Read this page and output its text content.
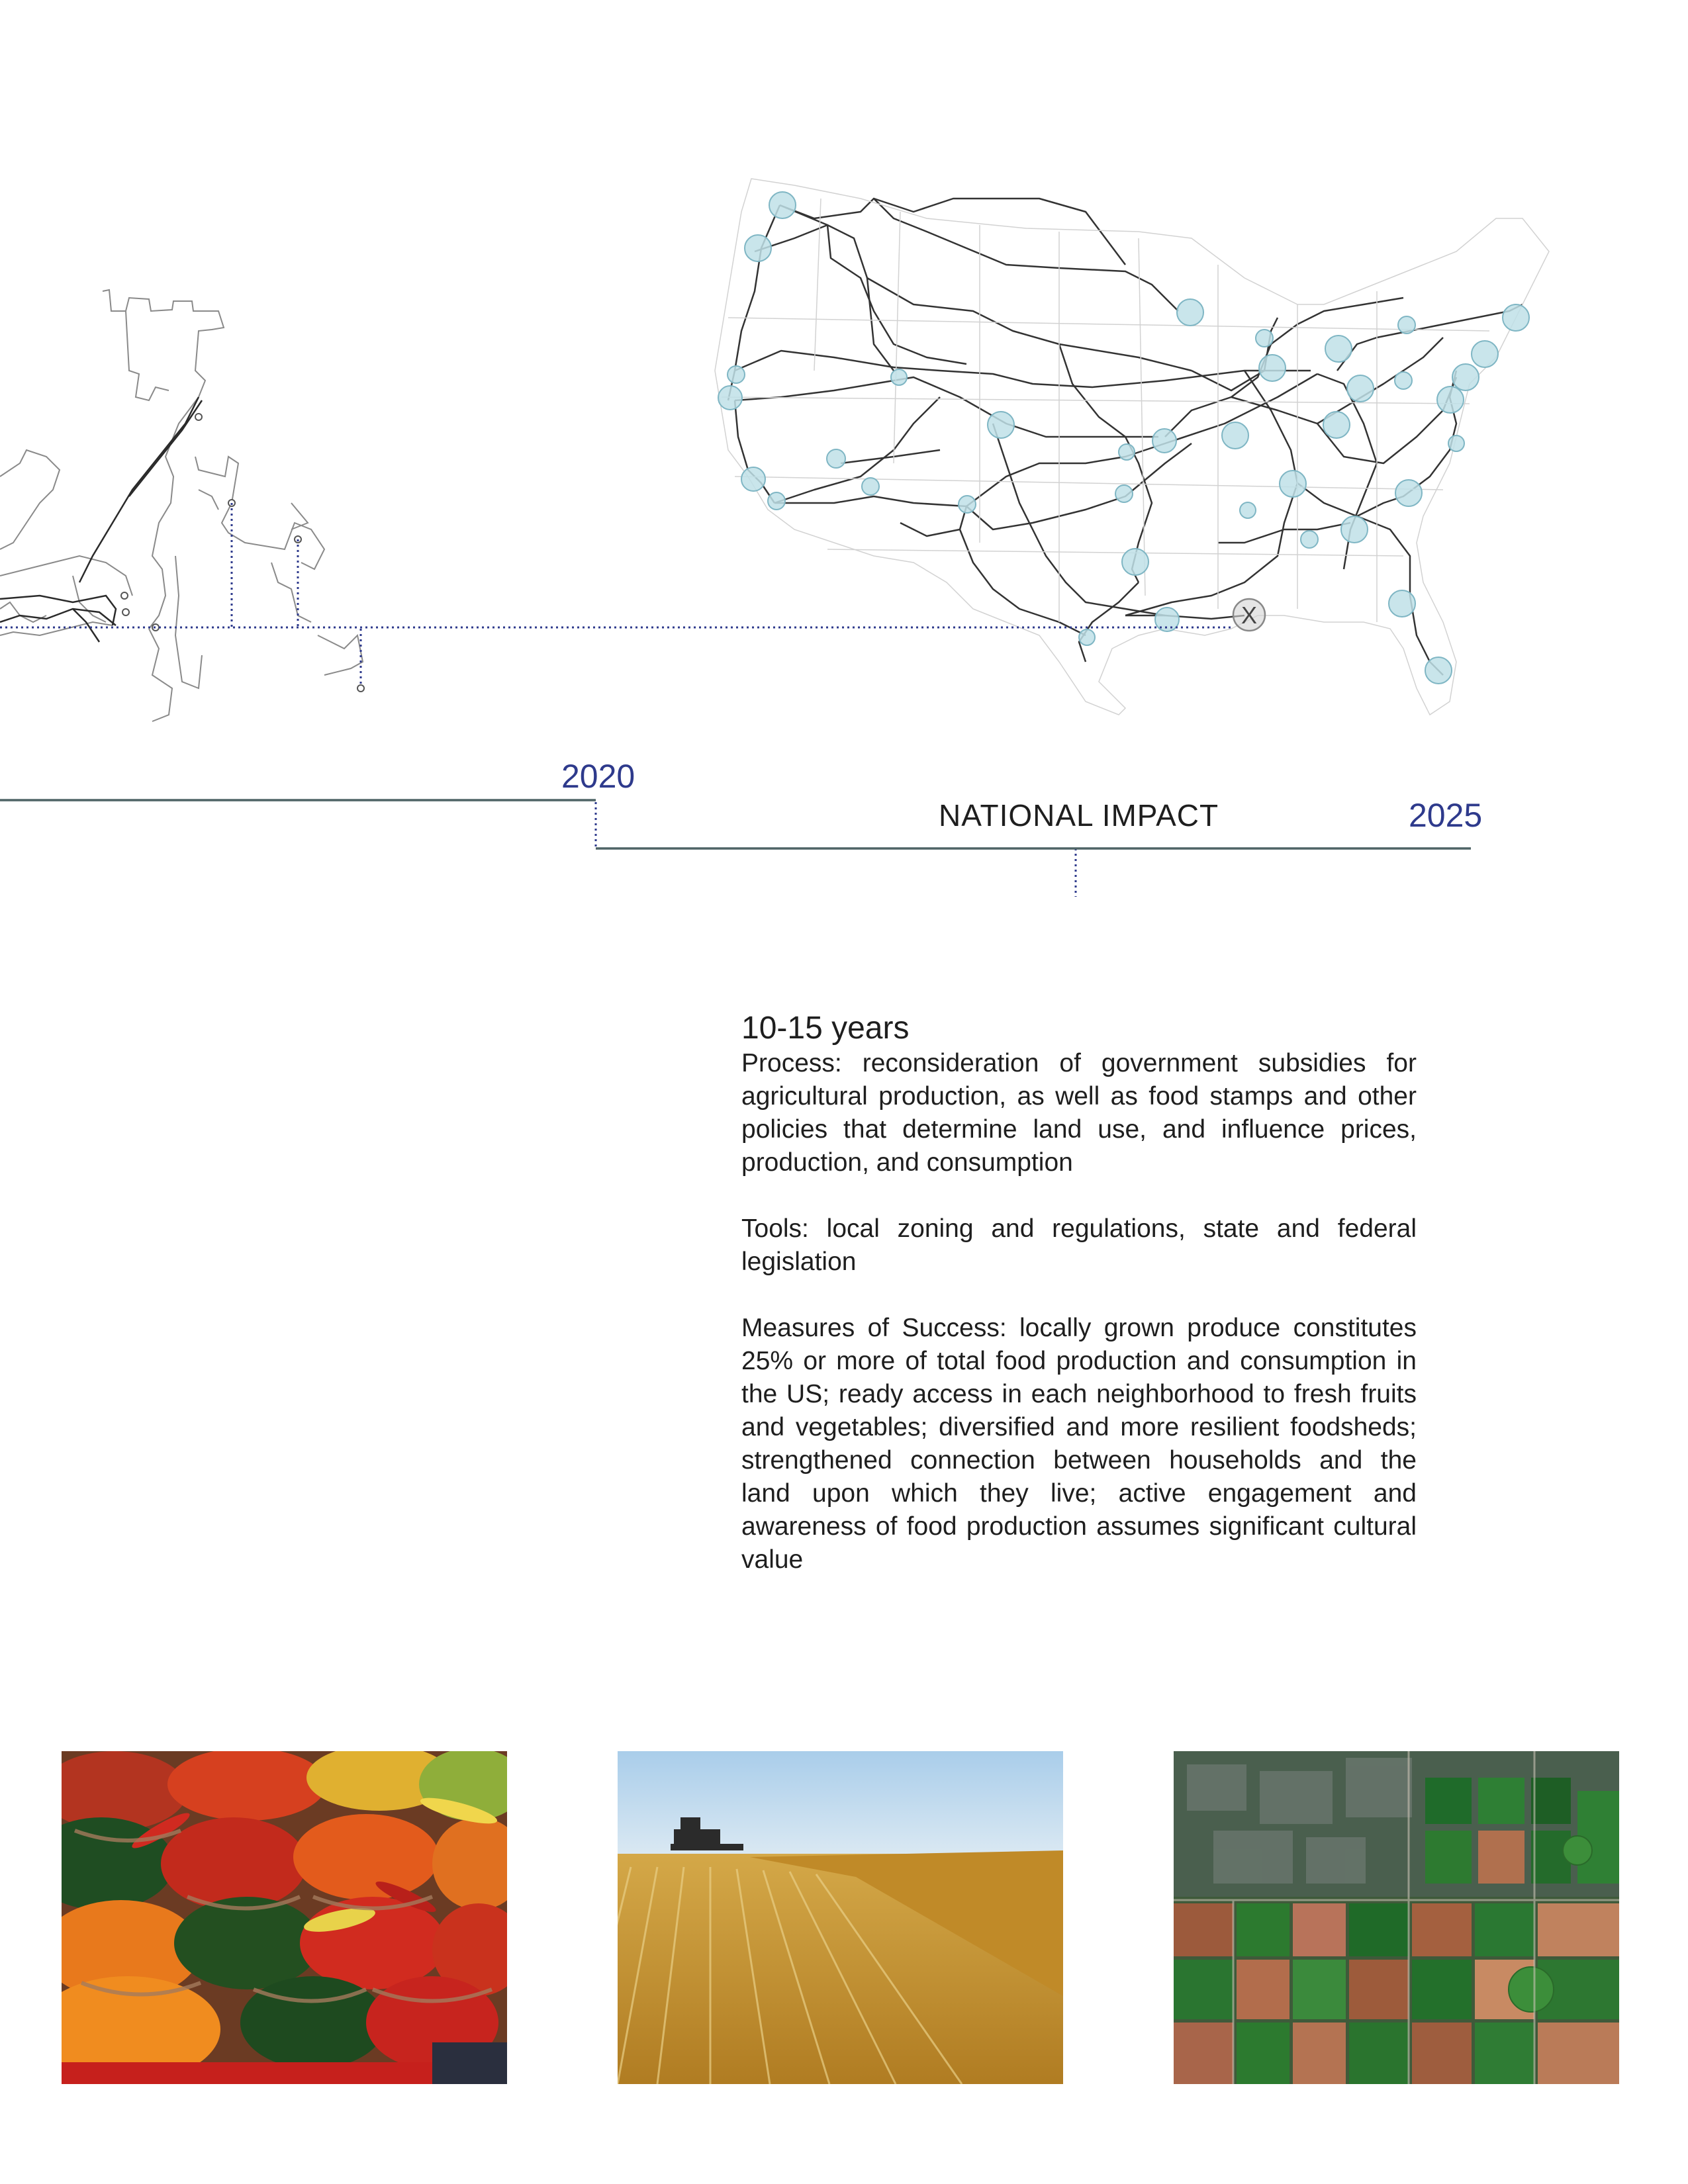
X
2020
NATIONAL IMPACT	2025

10-15 years

Process: reconsideration of government subsidies for agricultural production, as well as food stamps and other policies that determine land use, and influence prices, production, and consumption

Tools: local zoning and regulations, state and federal legislation

Measures of Success: locally grown produce constitutes 25% or more of total food production and consumption in the US; ready access in each neighborhood to fresh fruits and vegetables; diversified and more resilient foodsheds; strengthened connection between households and the land upon which they live; active engagement and awareness of food production assumes significant cultural value
